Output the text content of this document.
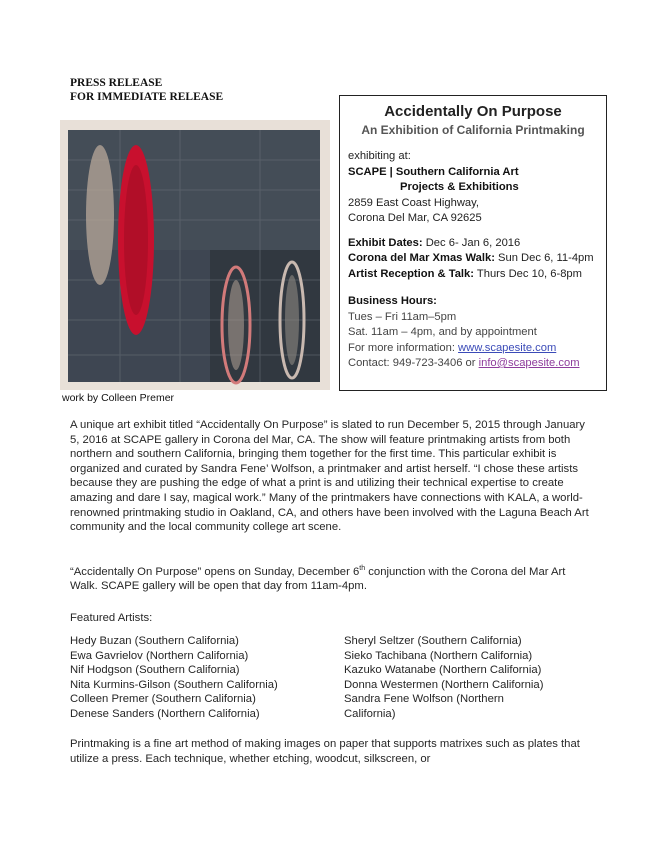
PRESS RELEASE
FOR IMMEDIATE RELEASE
work by Colleen Premer
Accidentally On Purpose
An Exhibition of California Printmaking
exhibiting at:
SCAPE | Southern California Art
Projects & Exhibitions
2859 East Coast Highway,
Corona Del Mar, CA 92625
Exhibit Dates: Dec 6- Jan 6, 2016
Corona del Mar Xmas Walk: Sun Dec 6, 11-4pm
Artist Reception & Talk: Thurs Dec 10, 6-8pm
Business Hours:
Tues – Fri 11am–5pm
Sat. 11am – 4pm, and by appointment
For more information: www.scapesite.com
Contact: 949-723-3406 or info@scapesite.com

A unique art exhibit titled “Accidentally On Purpose” is slated to run December 5, 2015 through January 5, 2016 at SCAPE gallery in Corona del Mar, CA. The show will feature printmaking artists from both northern and southern California, bringing them together for the first time. This particular exhibit is organized and curated by Sandra Fene’ Wolfson, a printmaker and artist herself. “I chose these artists because they are pushing the edge of what a print is and utilizing their technical expertise to create amazing and dare I say, magical work.” Many of the printmakers have connections with KALA, a world-renowned printmaking studio in Oakland, CA, and others have been involved with the Laguna Beach Art community and the local community college art scene.

“Accidentally On Purpose” opens on Sunday, December 6th conjunction with the Corona del Mar Art Walk. SCAPE gallery will be open that day from 11am-4pm.

Featured Artists:
Hedy Buzan (Southern California)
Ewa Gavrielov (Northern California)
Nif Hodgson (Southern California)
Nita Kurmins-Gilson (Southern California)
Colleen Premer (Southern California)
Denese Sanders (Northern California)
Sheryl Seltzer (Southern California)
Sieko Tachibana (Northern California)
Kazuko Watanabe (Northern California)
Donna Westermen (Northern California)
Sandra Fene Wolfson (Northern
California)

Printmaking is a fine art method of making images on paper that supports matrixes such as plates that utilize a press. Each technique, whether etching, woodcut, silkscreen, or
